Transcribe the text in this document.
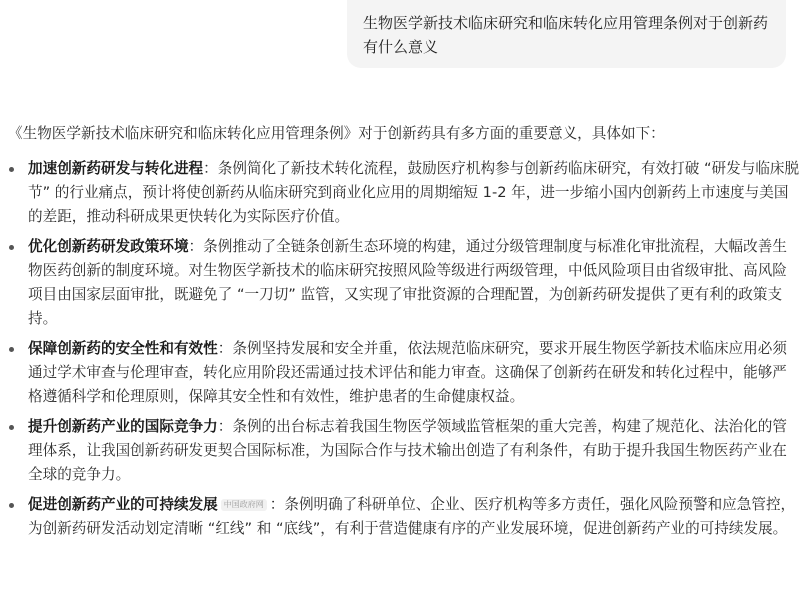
生物医学新技术临床研究和临床转化应用管理条例对于创新药有什么意义

《生物医学新技术临床研究和临床转化应用管理条例》对于创新药具有多方面的重要意义，具体如下：

加速创新药研发与转化进程：条例简化了新技术转化流程，鼓励医疗机构参与创新药临床研究，有效打破 “研发与临床脱节” 的行业痛点，预计将使创新药从临床研究到商业化应用的周期缩短 1-2 年，进一步缩小国内创新药上市速度与美国的差距，推动科研成果更快转化为实际医疗价值。
优化创新药研发政策环境：条例推动了全链条创新生态环境的构建，通过分级管理制度与标准化审批流程，大幅改善生物医药创新的制度环境。对生物医学新技术的临床研究按照风险等级进行两级管理，中低风险项目由省级审批、高风险项目由国家层面审批，既避免了 “一刀切” 监管，又实现了审批资源的合理配置，为创新药研发提供了更有利的政策支持。
保障创新药的安全性和有效性：条例坚持发展和安全并重，依法规范临床研究，要求开展生物医学新技术临床应用必须通过学术审查与伦理审查，转化应用阶段还需通过技术评估和能力审查。这确保了创新药在研发和转化过程中，能够严格遵循科学和伦理原则，保障其安全性和有效性，维护患者的生命健康权益。
提升创新药产业的国际竞争力：条例的出台标志着我国生物医学领域监管框架的重大完善，构建了规范化、法治化的管理体系，让我国创新药研发更契合国际标准，为国际合作与技术输出创造了有利条件，有助于提升我国生物医药产业在全球的竞争力。
促进创新药产业的可持续发展 中国政府网 ：条例明确了科研单位、企业、医疗机构等多方责任，强化风险预警和应急管控，为创新药研发活动划定清晰 “红线” 和 “底线”，有利于营造健康有序的产业发展环境，促进创新药产业的可持续发展。
